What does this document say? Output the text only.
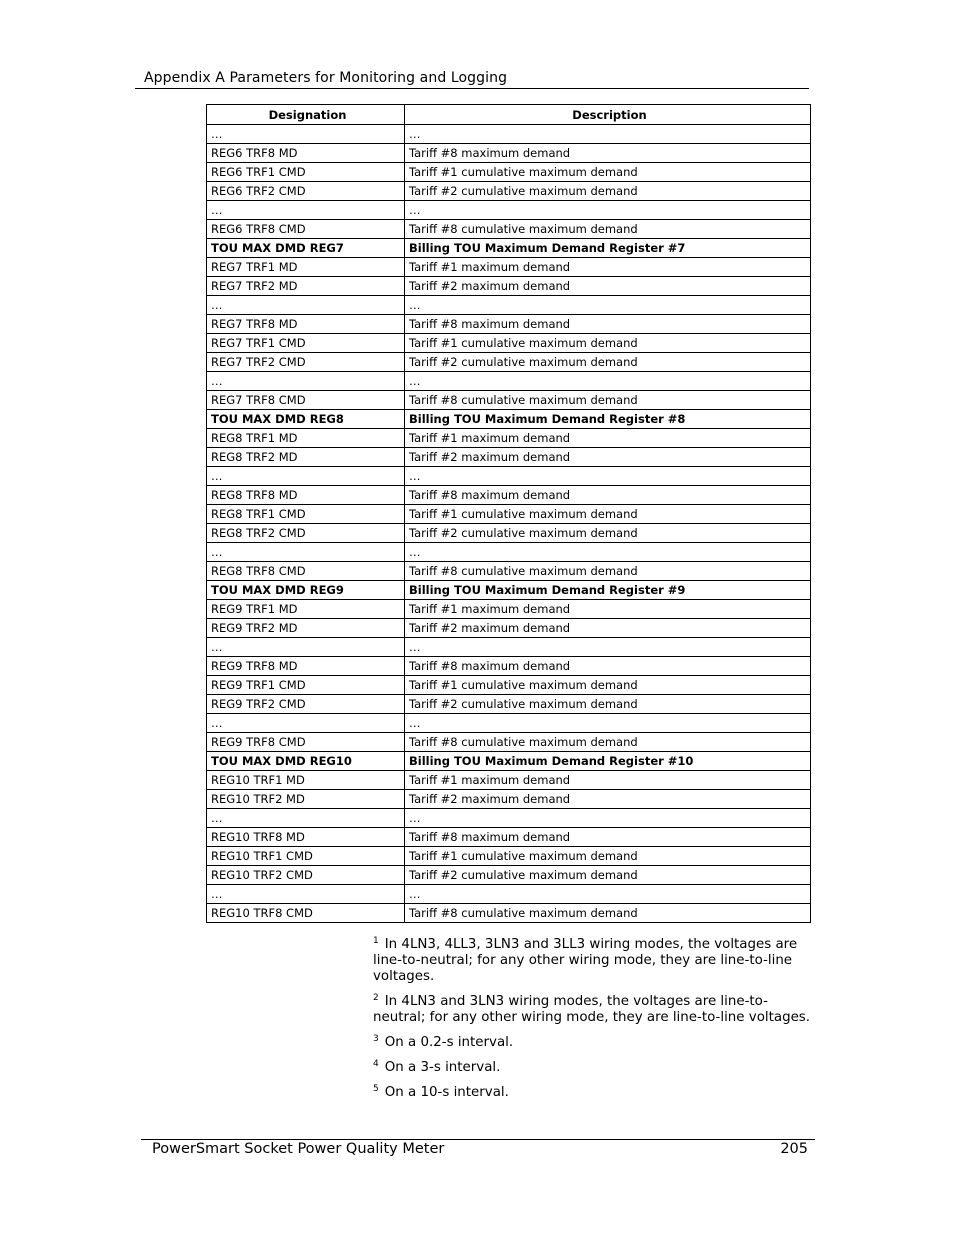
Appendix A Parameters for Monitoring and Logging
Designation	Description
…	…
REG6 TRF8 MD	Tariff #8 maximum demand
REG6 TRF1 CMD	Tariff #1 cumulative maximum demand
REG6 TRF2 CMD	Tariff #2 cumulative maximum demand
…	…
REG6 TRF8 CMD	Tariff #8 cumulative maximum demand
TOU MAX DMD REG7	Billing TOU Maximum Demand Register #7
REG7 TRF1 MD	Tariff #1 maximum demand
REG7 TRF2 MD	Tariff #2 maximum demand
…	…
REG7 TRF8 MD	Tariff #8 maximum demand
REG7 TRF1 CMD	Tariff #1 cumulative maximum demand
REG7 TRF2 CMD	Tariff #2 cumulative maximum demand
…	…
REG7 TRF8 CMD	Tariff #8 cumulative maximum demand
TOU MAX DMD REG8	Billing TOU Maximum Demand Register #8
REG8 TRF1 MD	Tariff #1 maximum demand
REG8 TRF2 MD	Tariff #2 maximum demand
…	…
REG8 TRF8 MD	Tariff #8 maximum demand
REG8 TRF1 CMD	Tariff #1 cumulative maximum demand
REG8 TRF2 CMD	Tariff #2 cumulative maximum demand
…	…
REG8 TRF8 CMD	Tariff #8 cumulative maximum demand
TOU MAX DMD REG9	Billing TOU Maximum Demand Register #9
REG9 TRF1 MD	Tariff #1 maximum demand
REG9 TRF2 MD	Tariff #2 maximum demand
…	…
REG9 TRF8 MD	Tariff #8 maximum demand
REG9 TRF1 CMD	Tariff #1 cumulative maximum demand
REG9 TRF2 CMD	Tariff #2 cumulative maximum demand
…	…
REG9 TRF8 CMD	Tariff #8 cumulative maximum demand
TOU MAX DMD REG10	Billing TOU Maximum Demand Register #10
REG10 TRF1 MD	Tariff #1 maximum demand
REG10 TRF2 MD	Tariff #2 maximum demand
…	…
REG10 TRF8 MD	Tariff #8 maximum demand
REG10 TRF1 CMD	Tariff #1 cumulative maximum demand
REG10 TRF2 CMD	Tariff #2 cumulative maximum demand
…	…
REG10 TRF8 CMD	Tariff #8 cumulative maximum demand
$^1$ In 4LN3, 4LL3, 3LN3 and 3LL3 wiring modes, the voltages are line-to-neutral; for any other wiring mode, they are line-to-line voltages.
$^2$ In 4LN3 and 3LN3 wiring modes, the voltages are line-to-neutral; for any other wiring mode, they are line-to-line voltages.
$^3$ On a 0.2-s interval.
$^4$ On a 3-s interval.
$^5$ On a 10-s interval.
PowerSmart Socket Power Quality Meter	205
